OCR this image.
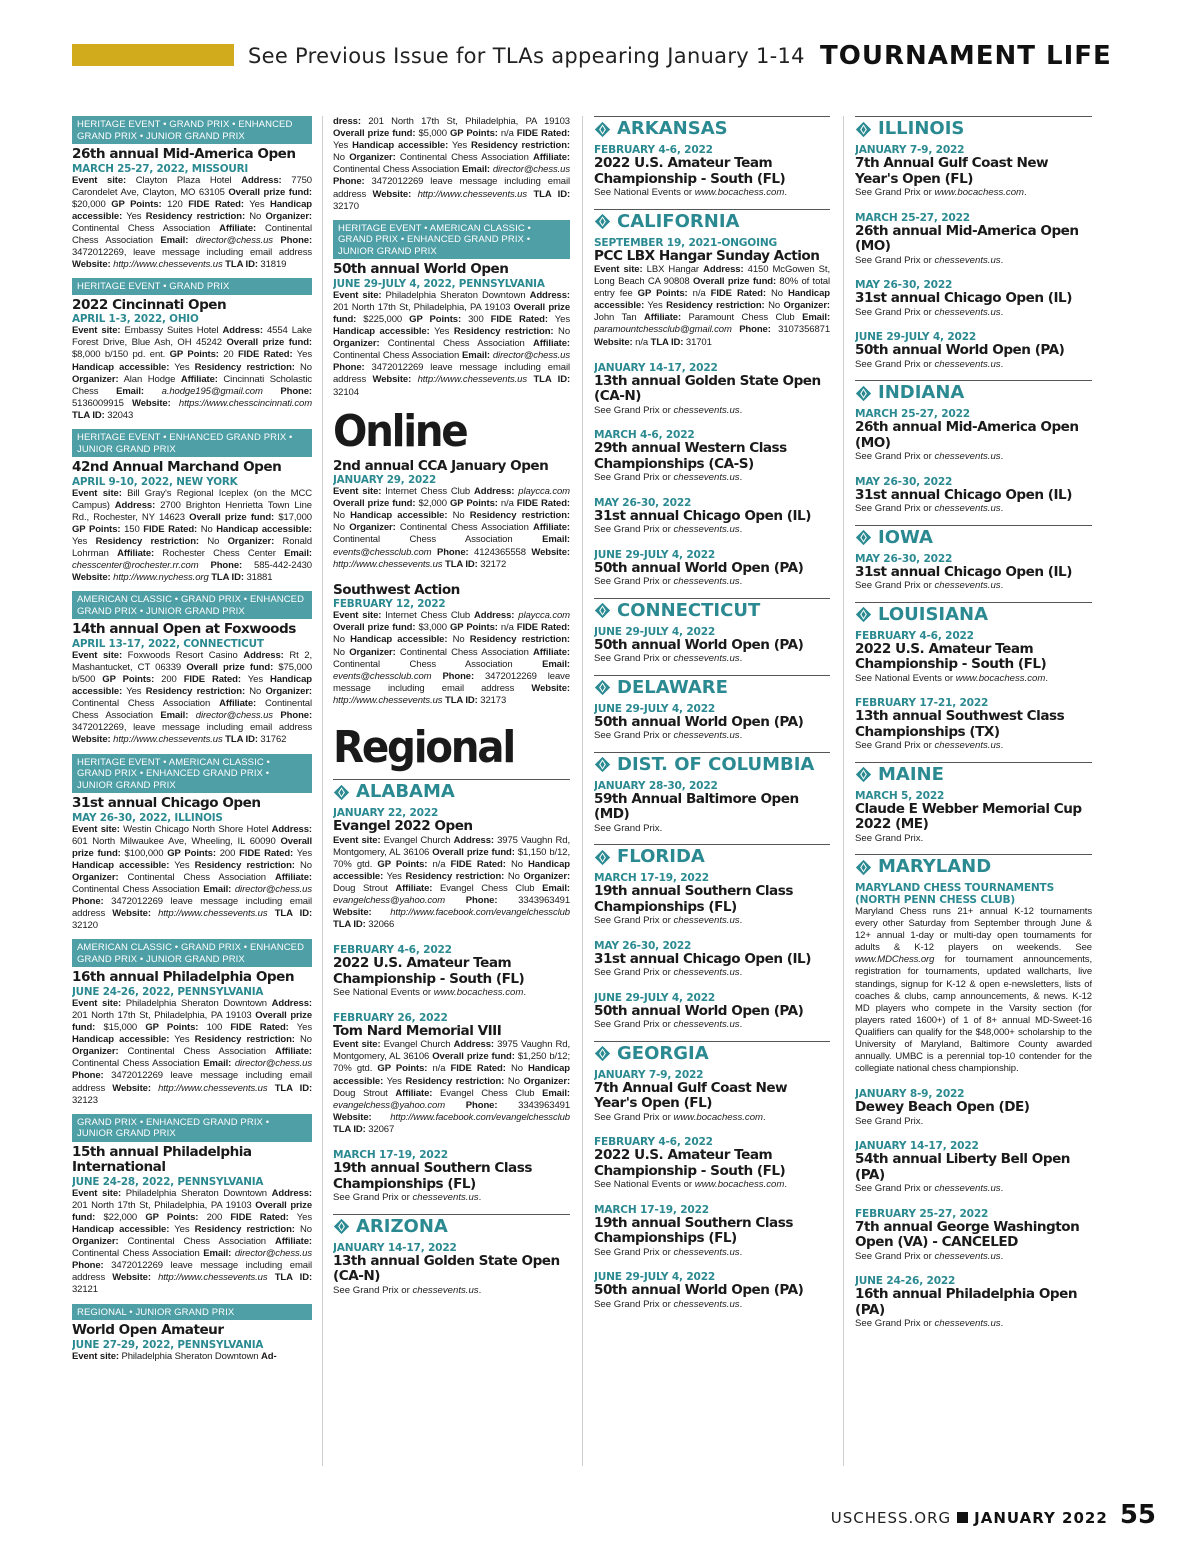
See Previous Issue for TLAs appearing January 1-14 TOURNAMENT LIFE
HERITAGE EVENT • GRAND PRIX • ENHANCED GRAND PRIX • JUNIOR GRAND PRIX
26th annual Mid-America Open
MARCH 25-27, 2022, MISSOURI
Event site: Clayton Plaza Hotel Address: 7750 Carondelet Ave, Clayton, MO 63105 Overall prize fund: $20,000 GP Points: 120 FIDE Rated: Yes Handicap accessible: Yes Residency restriction: No Organizer: Continental Chess Association Affiliate: Continental Chess Association Email: director@chess.us Phone: 3472012269, leave message including email address Website: http://www.chessevents.us TLA ID: 31819
HERITAGE EVENT • GRAND PRIX
2022 Cincinnati Open
APRIL 1-3, 2022, OHIO
Event site: Embassy Suites Hotel Address: 4554 Lake Forest Drive, Blue Ash, OH 45242 Overall prize fund: $8,000 b/150 pd. ent. GP Points: 20 FIDE Rated: Yes Handicap accessible: Yes Residency restriction: No Organizer: Alan Hodge Affiliate: Cincinnati Scholastic Chess Email: a.hodge195@gmail.com Phone: 5136009915 Website: https://www.chesscincinnati.com TLA ID: 32043
HERITAGE EVENT • ENHANCED GRAND PRIX • JUNIOR GRAND PRIX
42nd Annual Marchand Open
APRIL 9-10, 2022, NEW YORK
Event site: Bill Gray's Regional Iceplex (on the MCC Campus) Address: 2700 Brighton Henrietta Town Line Rd., Rochester, NY 14623 Overall prize fund: $17,000 GP Points: 150 FIDE Rated: No Handicap accessible: Yes Residency restriction: No Organizer: Ronald Lohrman Affiliate: Rochester Chess Center Email: chesscenter@rochester.rr.com Phone: 585-442-2430 Website: http://www.nychess.org TLA ID: 31881
AMERICAN CLASSIC • GRAND PRIX • ENHANCED GRAND PRIX • JUNIOR GRAND PRIX
14th annual Open at Foxwoods
APRIL 13-17, 2022, CONNECTICUT
Event site: Foxwoods Resort Casino Address: Rt 2, Mashantucket, CT 06339 Overall prize fund: $75,000 b/500 GP Points: 200 FIDE Rated: Yes Handicap accessible: Yes Residency restriction: No Organizer: Continental Chess Association Affiliate: Continental Chess Association Email: director@chess.us Phone: 3472012269, leave message including email address Website: http://www.chessevents.us TLA ID: 31762
HERITAGE EVENT • AMERICAN CLASSIC • GRAND PRIX • ENHANCED GRAND PRIX • JUNIOR GRAND PRIX
31st annual Chicago Open
MAY 26-30, 2022, ILLINOIS
Event site: Westin Chicago North Shore Hotel Address: 601 North Milwaukee Ave, Wheeling, IL 60090 Overall prize fund: $100,000 GP Points: 200 FIDE Rated: Yes Handicap accessible: Yes Residency restriction: No Organizer: Continental Chess Association Affiliate: Continental Chess Association Email: director@chess.us Phone: 3472012269 leave message including email address Website: http://www.chessevents.us TLA ID: 32120
AMERICAN CLASSIC • GRAND PRIX • ENHANCED GRAND PRIX • JUNIOR GRAND PRIX
16th annual Philadelphia Open
JUNE 24-26, 2022, PENNSYLVANIA
Event site: Philadelphia Sheraton Downtown Address: 201 North 17th St, Philadelphia, PA 19103 Overall prize fund: $15,000 GP Points: 100 FIDE Rated: Yes Handicap accessible: Yes Residency restriction: No Organizer: Continental Chess Association Affiliate: Continental Chess Association Email: director@chess.us Phone: 3472012269 leave message including email address Website: http://www.chessevents.us TLA ID: 32123
GRAND PRIX • ENHANCED GRAND PRIX • JUNIOR GRAND PRIX
15th annual Philadelphia International
JUNE 24-28, 2022, PENNSYLVANIA
Event site: Philadelphia Sheraton Downtown Address: 201 North 17th St, Philadelphia, PA 19103 Overall prize fund: $22,000 GP Points: 200 FIDE Rated: Yes Handicap accessible: Yes Residency restriction: No Organizer: Continental Chess Association Affiliate: Continental Chess Association Email: director@chess.us Phone: 3472012269 leave message including email address Website: http://www.chessevents.us TLA ID: 32121
REGIONAL • JUNIOR GRAND PRIX
World Open Amateur
JUNE 27-29, 2022, PENNSYLVANIA
Event site: Philadelphia Sheraton Downtown Ad-
dress: 201 North 17th St, Philadelphia, PA 19103 Overall prize fund: $5,000 GP Points: n/a FIDE Rated: Yes Handicap accessible: Yes Residency restriction: No Organizer: Continental Chess Association Affiliate: Continental Chess Association Email: director@chess.us Phone: 3472012269 leave message including email address Website: http://www.chessevents.us TLA ID: 32170
HERITAGE EVENT • AMERICAN CLASSIC • GRAND PRIX • ENHANCED GRAND PRIX • JUNIOR GRAND PRIX
50th annual World Open
JUNE 29-JULY 4, 2022, PENNSYLVANIA
Event site: Philadelphia Sheraton Downtown Address: 201 North 17th St, Philadelphia, PA 19103 Overall prize fund: $225,000 GP Points: 300 FIDE Rated: Yes Handicap accessible: Yes Residency restriction: No Organizer: Continental Chess Association Affiliate: Continental Chess Association Email: director@chess.us Phone: 3472012269 leave message including email address Website: http://www.chessevents.us TLA ID: 32104
Online
2nd annual CCA January Open
JANUARY 29, 2022
Event site: Internet Chess Club Address: playcca.com Overall prize fund: $2,000 GP Points: n/a FIDE Rated: No Handicap accessible: No Residency restriction: No Organizer: Continental Chess Association Affiliate: Continental Chess Association Email: events@chessclub.com Phone: 4124365558 Website: http://www.chessevents.us TLA ID: 32172
Southwest Action
FEBRUARY 12, 2022
Event site: Internet Chess Club Address: playcca.com Overall prize fund: $3,000 GP Points: n/a FIDE Rated: No Handicap accessible: No Residency restriction: No Organizer: Continental Chess Association Affiliate: Continental Chess Association Email: events@chessclub.com Phone: 3472012269 leave message including email address Website: http://www.chessevents.us TLA ID: 32173
Regional
ALABAMA
JANUARY 22, 2022
Evangel 2022 Open
Event site: Evangel Church Address: 3975 Vaughn Rd, Montgomery, AL 36106 Overall prize fund: $1,150 b/12, 70% gtd. GP Points: n/a FIDE Rated: No Handicap accessible: Yes Residency restriction: No Organizer: Doug Strout Affiliate: Evangel Chess Club Email: evangelchess@yahoo.com Phone: 3343963491 Website: http://www.facebook.com/evangelchessclub TLA ID: 32066
FEBRUARY 4-6, 2022
2022 U.S. Amateur Team Championship - South (FL)
See National Events or www.bocachess.com.
FEBRUARY 26, 2022
Tom Nard Memorial VIII
Event site: Evangel Church Address: 3975 Vaughn Rd, Montgomery, AL 36106 Overall prize fund: $1,250 b/12; 70% gtd. GP Points: n/a FIDE Rated: No Handicap accessible: Yes Residency restriction: No Organizer: Doug Strout Affiliate: Evangel Chess Club Email: evangelchess@yahoo.com Phone: 3343963491 Website: http://www.facebook.com/evangelchessclub TLA ID: 32067
MARCH 17-19, 2022
19th annual Southern Class Championships (FL)
See Grand Prix or chessevents.us.
ARIZONA
JANUARY 14-17, 2022
13th annual Golden State Open (CA-N)
See Grand Prix or chessevents.us.
ARKANSAS
FEBRUARY 4-6, 2022
2022 U.S. Amateur Team Championship - South (FL)
See National Events or www.bocachess.com.
CALIFORNIA
SEPTEMBER 19, 2021-ONGOING
PCC LBX Hangar Sunday Action
Event site: LBX Hangar Address: 4150 McGowen St, Long Beach CA 90808 Overall prize fund: 80% of total entry fee GP Points: n/a FIDE Rated: No Handicap accessible: Yes Residency restriction: No Organizer: John Tan Affiliate: Paramount Chess Club Email: paramountchessclub@gmail.com Phone: 3107356871 Website: n/a TLA ID: 31701
JANUARY 14-17, 2022
13th annual Golden State Open (CA-N)
See Grand Prix or chessevents.us.
MARCH 4-6, 2022
29th annual Western Class Championships (CA-S)
See Grand Prix or chessevents.us.
MAY 26-30, 2022
31st annual Chicago Open (IL)
See Grand Prix or chessevents.us.
JUNE 29-JULY 4, 2022
50th annual World Open (PA)
See Grand Prix or chessevents.us.
CONNECTICUT
JUNE 29-JULY 4, 2022
50th annual World Open (PA)
See Grand Prix or chessevents.us.
DELAWARE
JUNE 29-JULY 4, 2022
50th annual World Open (PA)
See Grand Prix or chessevents.us.
DIST. OF COLUMBIA
JANUARY 28-30, 2022
59th Annual Baltimore Open (MD)
See Grand Prix.
FLORIDA
MARCH 17-19, 2022
19th annual Southern Class Championships (FL)
See Grand Prix or chessevents.us.
MAY 26-30, 2022
31st annual Chicago Open (IL)
See Grand Prix or chessevents.us.
JUNE 29-JULY 4, 2022
50th annual World Open (PA)
See Grand Prix or chessevents.us.
GEORGIA
JANUARY 7-9, 2022
7th Annual Gulf Coast New Year's Open (FL)
See Grand Prix or www.bocachess.com.
FEBRUARY 4-6, 2022
2022 U.S. Amateur Team Championship - South (FL)
See National Events or www.bocachess.com.
MARCH 17-19, 2022
19th annual Southern Class Championships (FL)
See Grand Prix or chessevents.us.
JUNE 29-JULY 4, 2022
50th annual World Open (PA)
See Grand Prix or chessevents.us.
ILLINOIS
JANUARY 7-9, 2022
7th Annual Gulf Coast New Year's Open (FL)
See Grand Prix or www.bocachess.com.
MARCH 25-27, 2022
26th annual Mid-America Open (MO)
See Grand Prix or chessevents.us.
MAY 26-30, 2022
31st annual Chicago Open (IL)
See Grand Prix or chessevents.us.
JUNE 29-JULY 4, 2022
50th annual World Open (PA)
See Grand Prix or chessevents.us.
INDIANA
MARCH 25-27, 2022
26th annual Mid-America Open (MO)
See Grand Prix or chessevents.us.
MAY 26-30, 2022
31st annual Chicago Open (IL)
See Grand Prix or chessevents.us.
IOWA
MAY 26-30, 2022
31st annual Chicago Open (IL)
See Grand Prix or chessevents.us.
LOUISIANA
FEBRUARY 4-6, 2022
2022 U.S. Amateur Team Championship - South (FL)
See National Events or www.bocachess.com.
FEBRUARY 17-21, 2022
13th annual Southwest Class Championships (TX)
See Grand Prix or chessevents.us.
MAINE
MARCH 5, 2022
Claude E Webber Memorial Cup 2022 (ME)
See Grand Prix.
MARYLAND
MARYLAND CHESS TOURNAMENTS (NORTH PENN CHESS CLUB)
Maryland Chess runs 21+ annual K-12 tournaments every other Saturday from September through June & 12+ annual 1-day or multi-day open tournaments for adults & K-12 players on weekends. See www.MDChess.org for tournament announcements, registration for tournaments, updated wallcharts, live standings, signup for K-12 & open e-newsletters, lists of coaches & clubs, camp announcements, & news. K-12 MD players who compete in the Varsity section (for players rated 1600+) of 1 of 8+ annual MD-Sweet-16 Qualifiers can qualify for the $48,000+ scholarship to the University of Maryland, Baltimore County awarded annually. UMBC is a perennial top-10 contender for the collegiate national chess championship.
JANUARY 8-9, 2022
Dewey Beach Open (DE)
See Grand Prix.
JANUARY 14-17, 2022
54th annual Liberty Bell Open (PA)
See Grand Prix or chessevents.us.
FEBRUARY 25-27, 2022
7th annual George Washington Open (VA) - CANCELED
See Grand Prix or chessevents.us.
JUNE 24-26, 2022
16th annual Philadelphia Open (PA)
See Grand Prix or chessevents.us.
USCHESS.ORG JANUARY 2022 55
